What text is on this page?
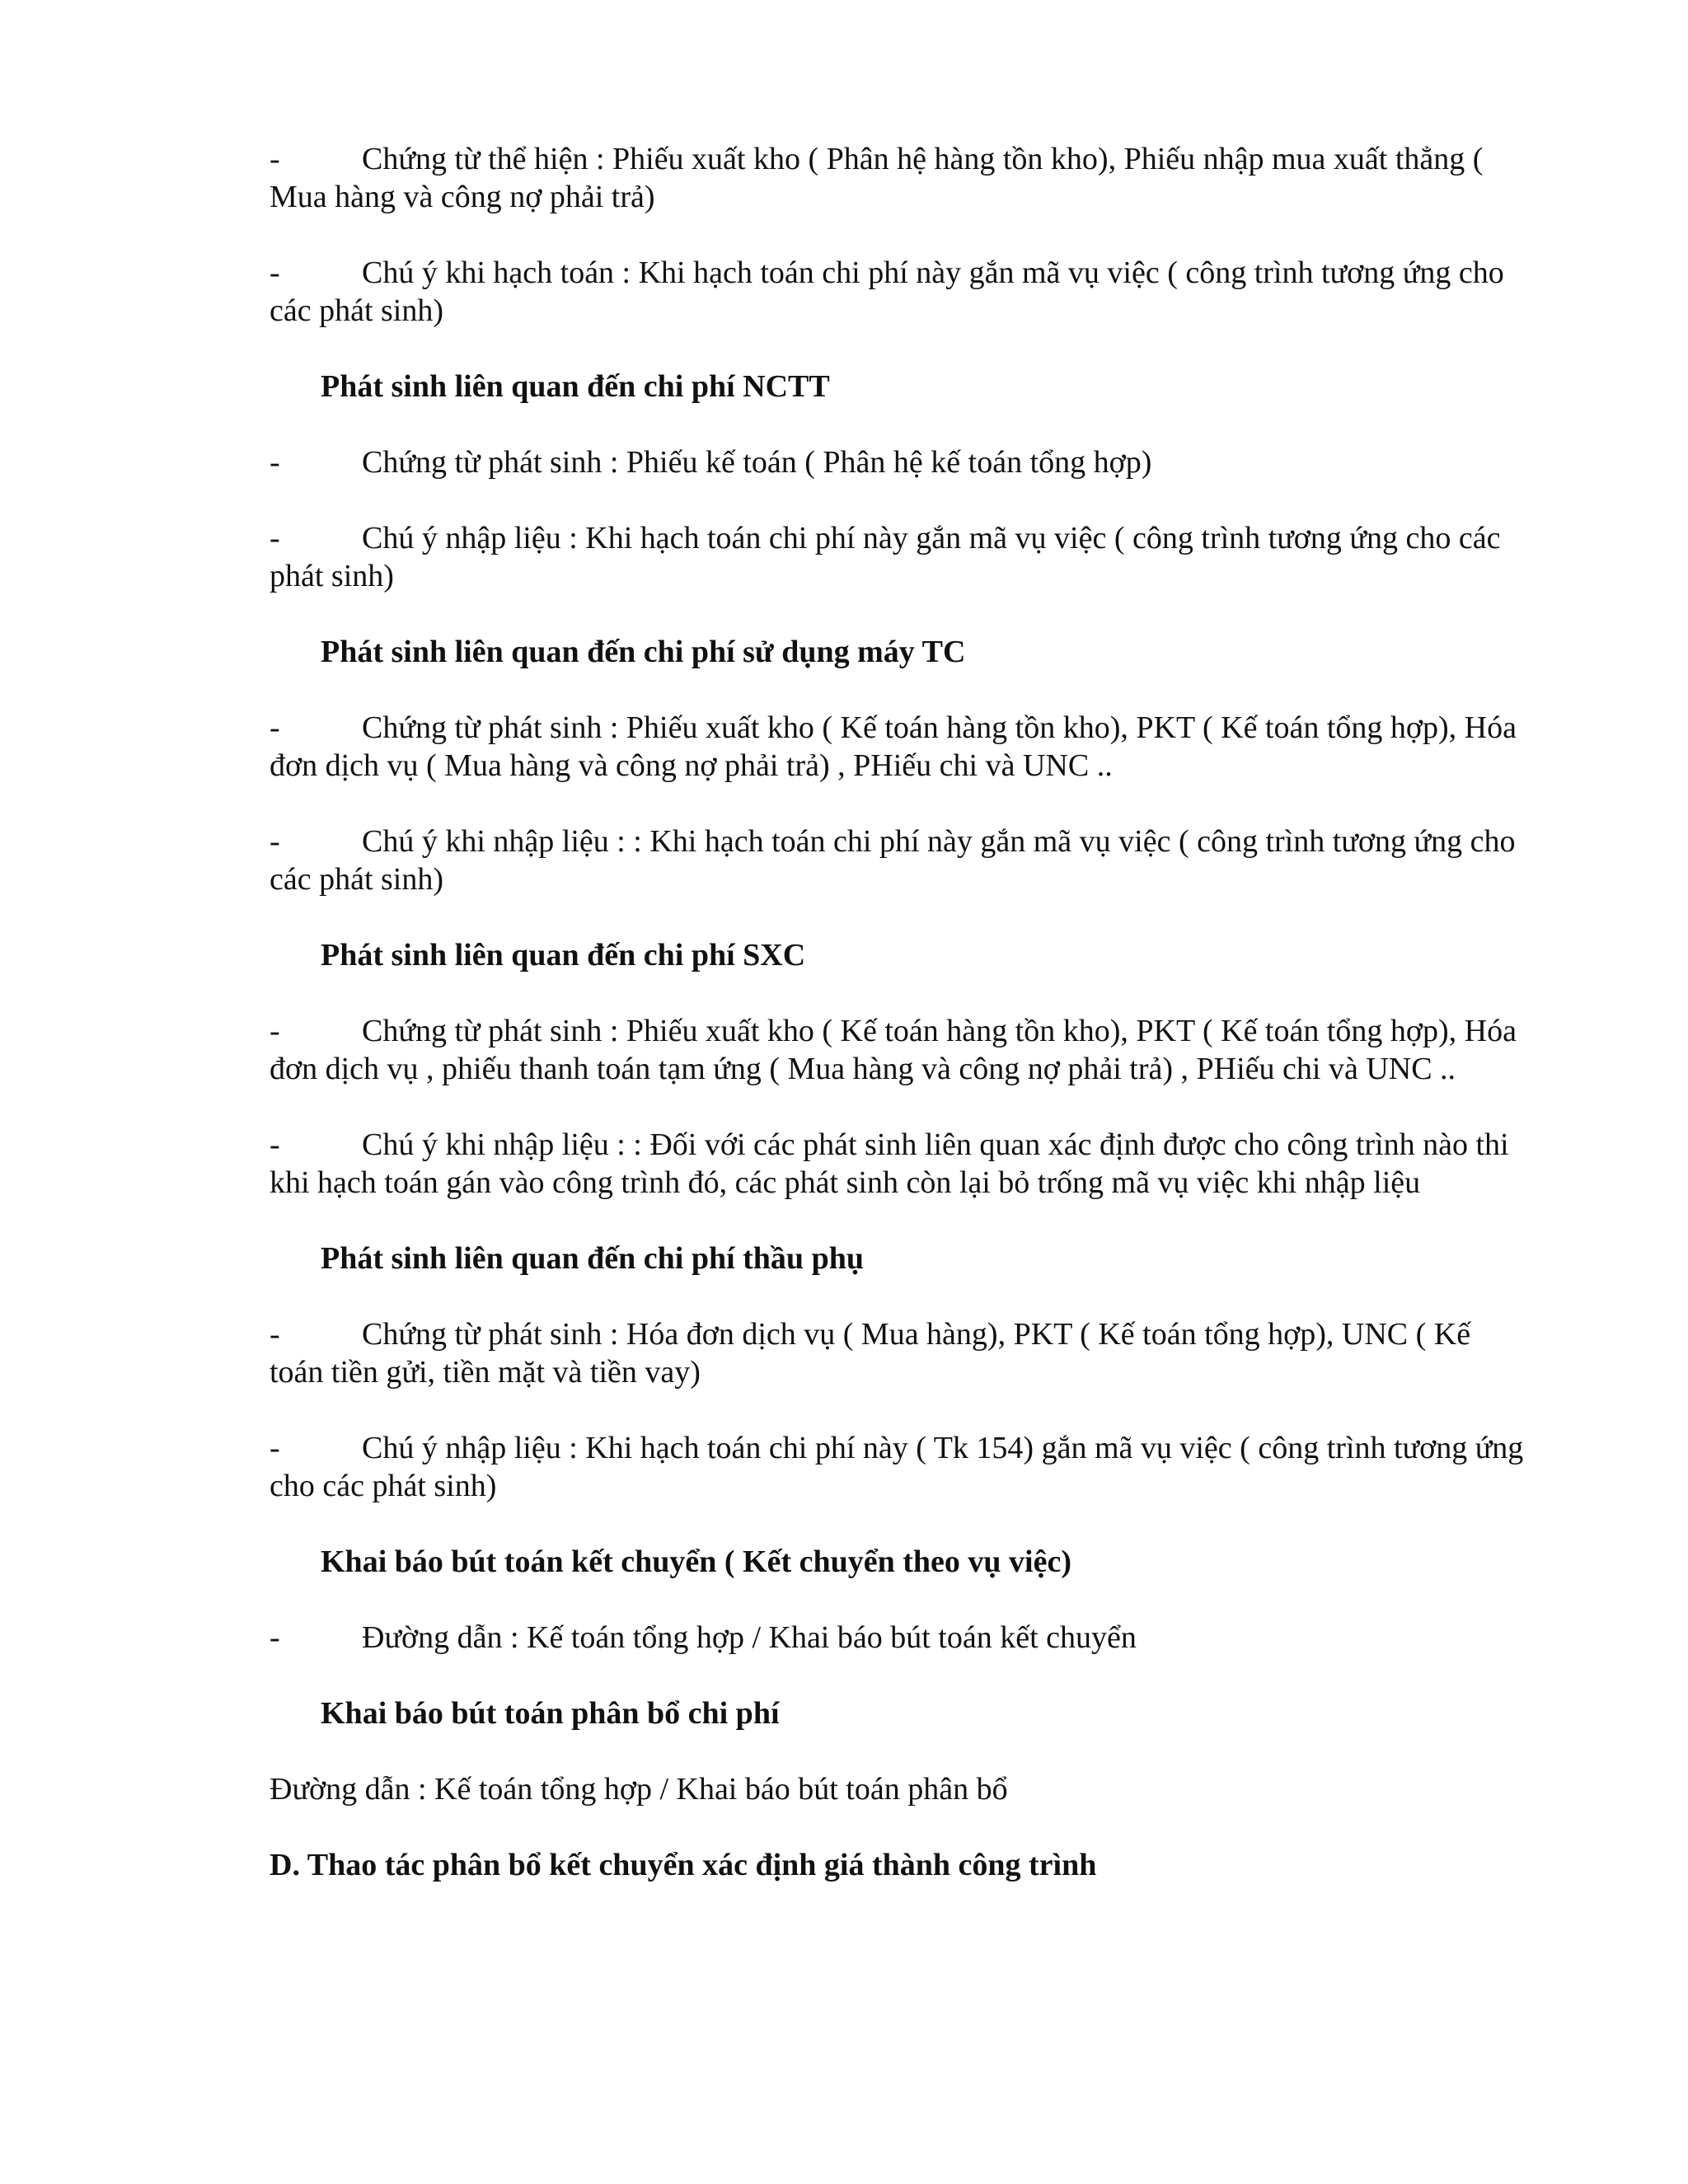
-	Chứng từ thể hiện : Phiếu xuất kho ( Phân hệ hàng tồn kho), Phiếu nhập mua xuất thẳng ( Mua hàng và công nợ phải trả)

-	Chú ý khi hạch toán : Khi hạch toán chi phí này gắn mã vụ việc ( công trình tương ứng cho các phát sinh)

Phát sinh liên quan đến chi phí NCTT

-	Chứng từ phát sinh : Phiếu kế toán ( Phân hệ kế toán tổng hợp)

-	Chú ý nhập liệu : Khi hạch toán chi phí này gắn mã vụ việc ( công trình tương ứng cho các phát sinh)

Phát sinh liên quan đến chi phí sử dụng máy TC

-	Chứng từ phát sinh : Phiếu xuất kho ( Kế toán hàng tồn kho), PKT ( Kế toán tổng hợp), Hóa đơn dịch vụ ( Mua hàng và công nợ phải trả) , PHiếu chi và UNC ..

-	Chú ý khi nhập liệu : : Khi hạch toán chi phí này gắn mã vụ việc ( công trình tương ứng cho các phát sinh)

Phát sinh liên quan đến chi phí SXC

-	Chứng từ phát sinh : Phiếu xuất kho ( Kế toán hàng tồn kho), PKT ( Kế toán tổng hợp), Hóa đơn dịch vụ , phiếu thanh toán tạm ứng ( Mua hàng và công nợ phải trả) , PHiếu chi và UNC ..

-	Chú ý khi nhập liệu : : Đối với các phát sinh liên quan xác định được cho công trình nào thi khi hạch toán gán vào công trình đó, các phát sinh còn lại bỏ trống mã vụ việc khi nhập liệu

Phát sinh liên quan đến chi phí thầu phụ

-	Chứng từ phát sinh : Hóa đơn dịch vụ ( Mua hàng), PKT ( Kế toán tổng hợp), UNC ( Kế toán tiền gửi, tiền mặt và tiền vay)

-	Chú ý nhập liệu : Khi hạch toán chi phí này ( Tk 154) gắn mã vụ việc ( công trình tương ứng cho các phát sinh)

Khai báo bút toán kết chuyển ( Kết chuyển theo vụ việc)

-	Đường dẫn : Kế toán tổng hợp / Khai báo bút toán kết chuyển

Khai báo bút toán phân bổ chi phí

Đường dẫn : Kế toán tổng hợp / Khai báo bút toán phân bổ

D. Thao tác phân bổ kết chuyển xác định giá thành công trình
